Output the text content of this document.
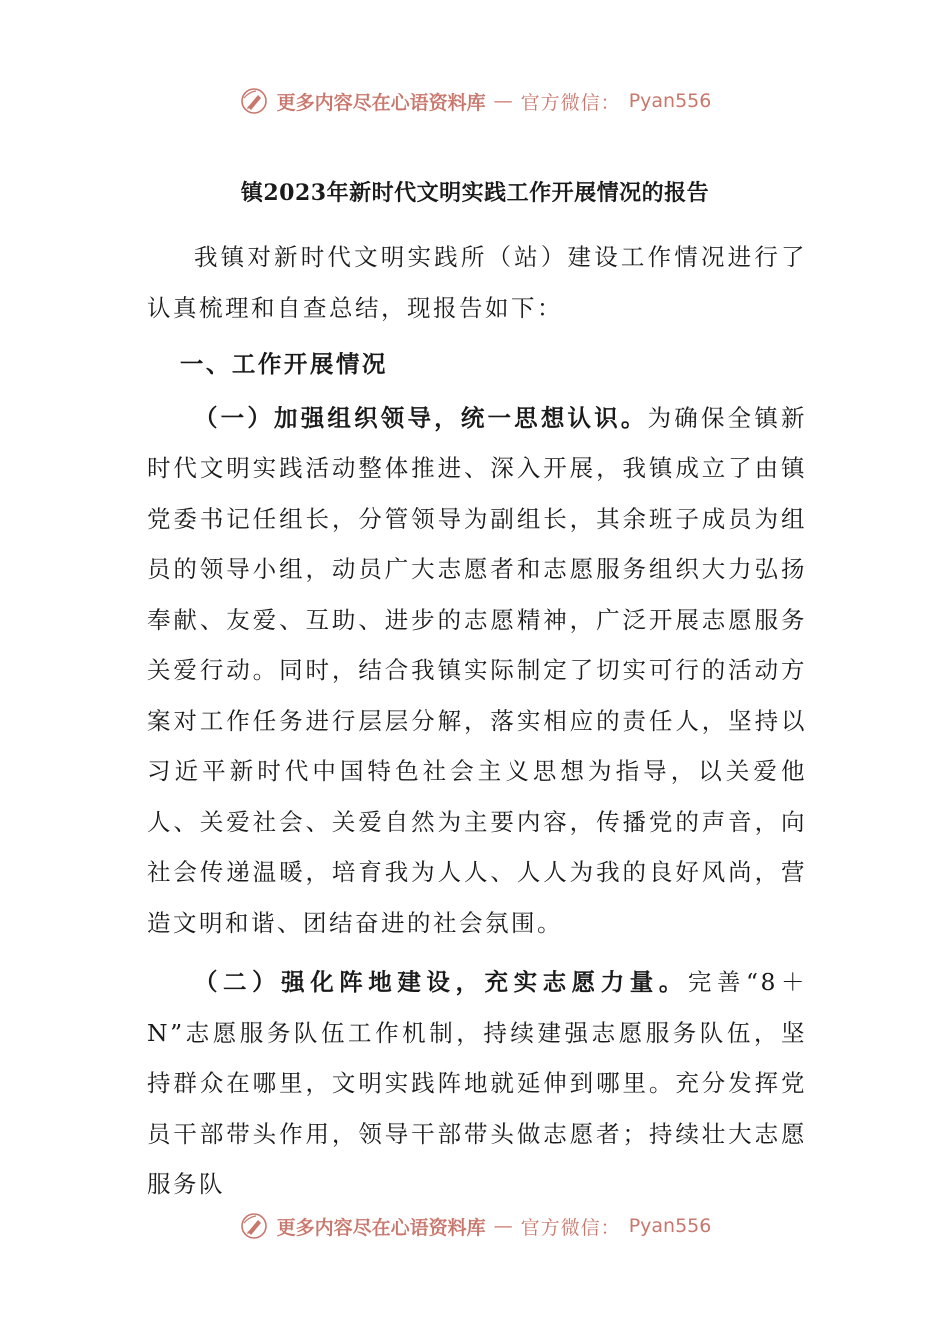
更多内容尽在心语资料库 — 官方微信： Pyan556
镇2023年新时代文明实践工作开展情况的报告

我镇对新时代文明实践所（站）建设工作情况进行了认真梳理和自查总结，现报告如下：

一、工作开展情况

（一）加强组织领导，统一思想认识。为确保全镇新时代文明实践活动整体推进、深入开展，我镇成立了由镇党委书记任组长，分管领导为副组长，其余班子成员为组员的领导小组，动员广大志愿者和志愿服务组织大力弘扬奉献、友爱、互助、进步的志愿精神，广泛开展志愿服务关爱行动。同时，结合我镇实际制定了切实可行的活动方案对工作任务进行层层分解，落实相应的责任人，坚持以习近平新时代中国特色社会主义思想为指导，以关爱他人、关爱社会、关爱自然为主要内容，传播党的声音，向社会传递温暖，培育我为人人、人人为我的良好风尚，营造文明和谐、团结奋进的社会氛围。

（二）强化阵地建设，充实志愿力量。完善“8＋N”志愿服务队伍工作机制，持续建强志愿服务队伍，坚持群众在哪里，文明实践阵地就延伸到哪里。充分发挥党员干部带头作用，领导干部带头做志愿者；持续壮大志愿服务队

更多内容尽在心语资料库 — 官方微信： Pyan556
